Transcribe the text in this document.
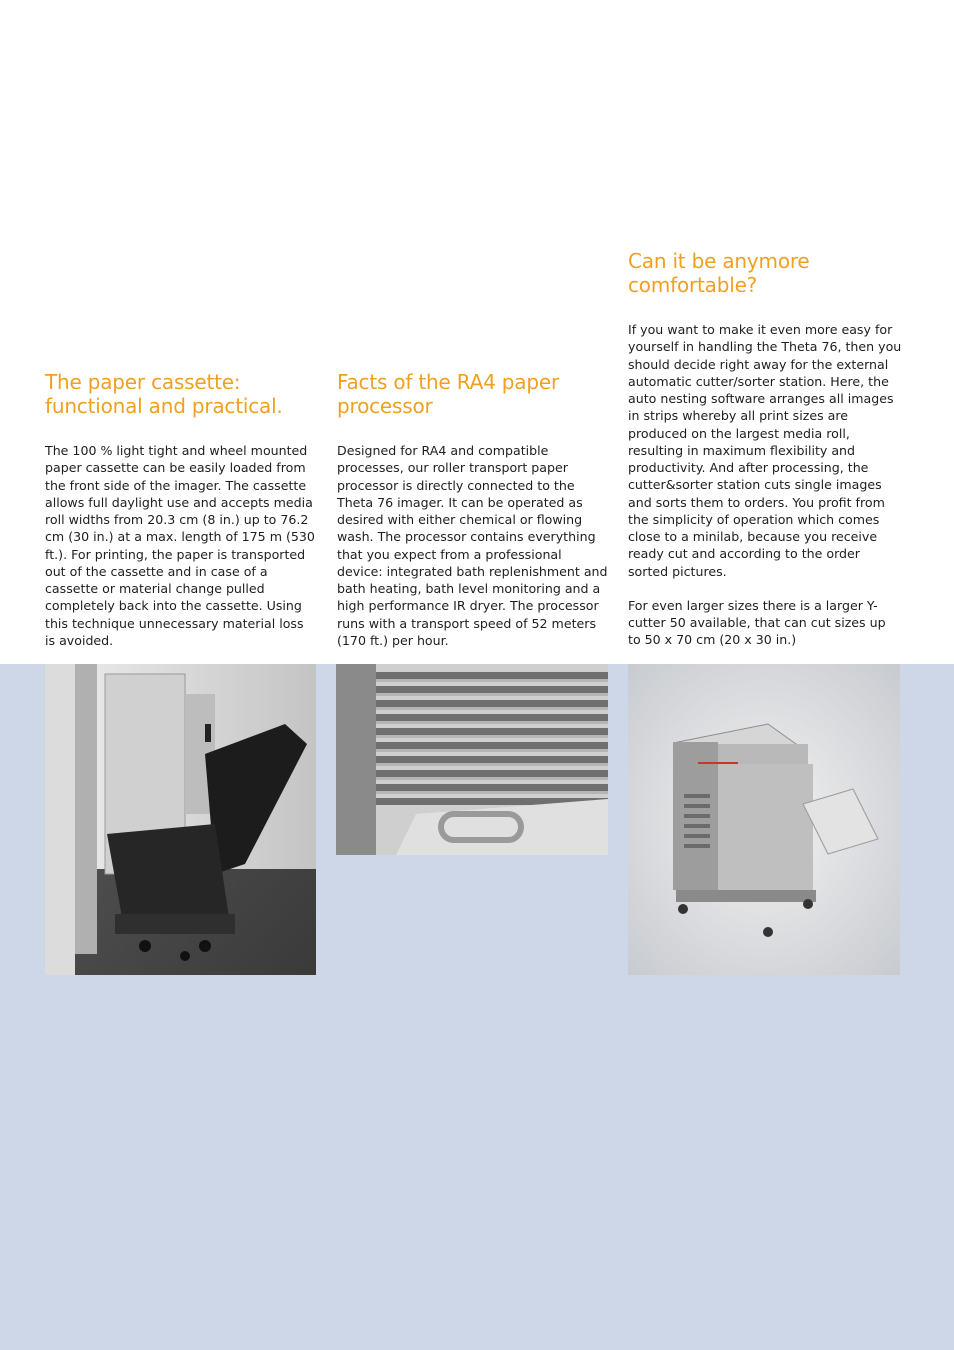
The paper cassette: functional and practical.

The 100 % light tight and wheel mounted paper cassette can be easily loaded from the front side of the imager. The cassette allows full daylight use and accepts media roll widths from 20.3 cm (8 in.) up to 76.2 cm (30 in.) at a max. length of 175 m (530 ft.). For printing, the paper is transported out of the cassette and in case of a cassette or material change pulled completely back into the cassette. Using this technique unnecessary material loss is avoided.

Facts of the RA4 paper processor

Designed for RA4 and compatible processes, our roller transport paper processor is directly connected to the Theta 76 imager. It can be operated as desired with either chemical or flowing wash. The processor contains everything that you expect from a professional device: integrated bath replenishment and bath heating, bath level monitoring and a high performance IR dryer. The processor runs with a transport speed of 52 meters (170 ft.) per hour.

Can it be anymore comfortable?

If you want to make it even more easy for yourself in handling the Theta 76, then you should decide right away for the external automatic cutter/sorter station. Here, the auto nesting software arranges all images in strips whereby all print sizes are produced on the largest media roll, resulting in maximum flexibility and productivity. And after processing, the cutter&sorter station cuts single images and sorts them to orders. You profit from the simplicity of operation which comes close to a minilab, because you receive ready cut and according to the order sorted pictures.

For even larger sizes there is a larger Y-cutter 50 available, that can cut sizes up to 50 x 70 cm (20 x 30 in.)
